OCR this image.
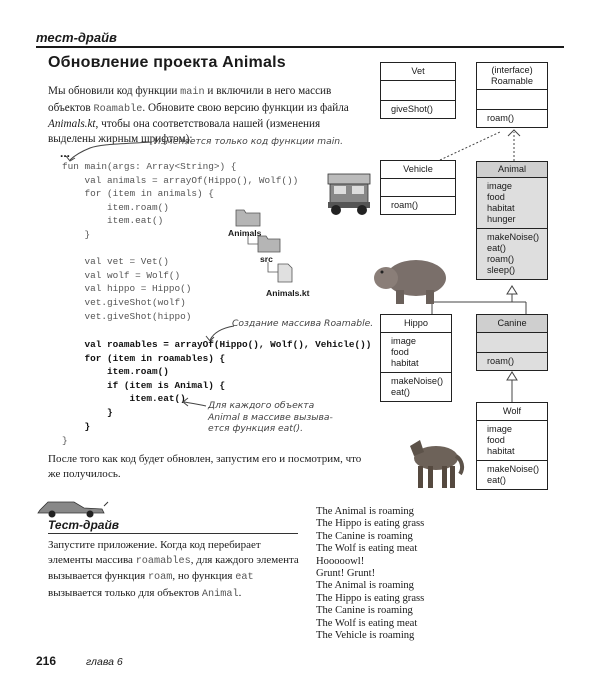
тест-драйв
Обновление проекта Animals
Мы обновили код функции main и включили в него массив объектов Roamable. Обновите свою версию функции из файла Animals.kt, чтобы она соответствовала нашей (изменения выделены жирным шрифтом):
Изменяется только код функции main.
...
fun main(args: Array<String>) {
val animals = arrayOf(Hippo(), Wolf())
for (item in animals) {
item.roam()
item.eat()
}
val vet = Vet()
val wolf = Wolf()
val hippo = Hippo()
vet.giveShot(wolf)
vet.giveShot(hippo)
Создание массива Roamable.
val roamables = arrayOf(Hippo(), Wolf(), Vehicle())
for (item in roamables) {
item.roam()
if (item is Animal) {
item.eat()
}
}
}
Для каждого объекта
Animal в массиве вызыва-
ется функция eat().
Animals
src
Animals.kt
Vet
giveShot()
(interface)
Roamable
roam()
Vehicle
roam()
Animal
image
food
habitat
hunger
makeNoise()
eat()
roam()
sleep()
Hippo
image
food
habitat
makeNoise()
eat()
Canine
roam()
Wolf
image
food
habitat
makeNoise()
eat()
После того как код будет обновлен, запустим его и посмотрим, что же получилось.
Тест-драйв
Запустите приложение. Когда код перебирает элементы массива roamables, для каждого элемента вызывается функция roam, но функция eat вызывается только для объектов Animal.
The Animal is roaming
The Hippo is eating grass
The Canine is roaming
The Wolf is eating meat
Hooooowl!
Grunt! Grunt!
The Animal is roaming
The Hippo is eating grass
The Canine is roaming
The Wolf is eating meat
The Vehicle is roaming
216	глава 6
